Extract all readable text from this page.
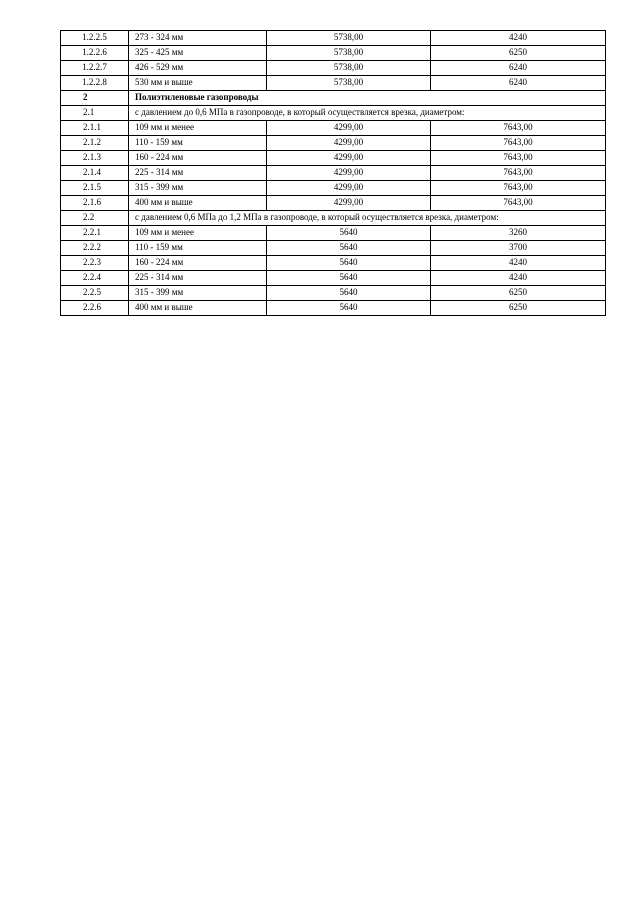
1.2.2.5	273 - 324 мм	5738,00	4240
1.2.2.6	325 - 425 мм	5738,00	6250
1.2.2.7	426 - 529 мм	5738,00	6240
1.2.2.8	530 мм и выше	5738,00	6240
2	Полиэтиленовые газопроводы		
2.1	с давлением до 0,6 МПа в газопроводе, в который осуществляется врезка, диаметром:		
2.1.1	109 мм и менее	4299,00	7643,00
2.1.2	110 - 159 мм	4299,00	7643,00
2.1.3	160 - 224 мм	4299,00	7643,00
2.1.4	225 - 314 мм	4299,00	7643,00
2.1.5	315 - 399 мм	4299,00	7643,00
2.1.6	400 мм и выше	4299,00	7643,00
2.2	с давлением 0,6 МПа до 1,2 МПа в газопроводе, в который осуществляется врезка, диаметром:		
2.2.1	109 мм и менее	5640	3260
2.2.2	110 - 159 мм	5640	3700
2.2.3	160 - 224 мм	5640	4240
2.2.4	225 - 314 мм	5640	4240
2.2.5	315 - 399 мм	5640	6250
2.2.6	400 мм и выше	5640	6250
